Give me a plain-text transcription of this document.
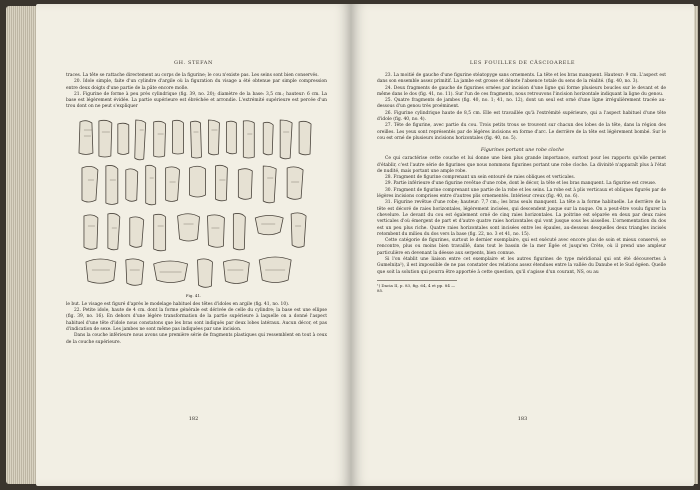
GH. STEFAN

traces. La tête se rattache directement au corps de la figurine; le cou n'existe pas. Les seins sont bien conservés.

20. Idole simple, faite d'un cylindre d'argile où la figuration du visage a été obtenue par simple compression entre deux doigts d'une partie de la pâte encore molle.

21. Figurine de forme à peu près cylindrique (fig. 39, no. 20); diamètre de la base: 3,5 cm.; hauteur: 6 cm. La base est légèrement évidée. La partie supérieure est ébréchée et arrondie. L'extrémité supérieure est percée d'un trou dont on ne peut s'expliquer

Fig. 41.

le but. Le visage est figuré d'après le modelage habituel des têtes d'idoles en argile (fig. 41, no. 10).

22. Petite idole, haute de 4 cm. dont la forme générale est dérivée de celle du cylindre; la base est une ellipse (fig. 39, no. 16). En dehors d'une légère transformation de la partie supérieure à laquelle on a donné l'aspect habituel d'une tête d'idole nous constatons que les bras sont indiqués par deux lobes latéraux. Aucun décor, et pas d'indication de sexe. Les jambes ne sont même pas indiquées par une incision.

Dans la couche inférieure nous avons une première série de fragments plastiques qui ressemblent en tout à ceux de la couche supérieure.

182
LES FOUILLES DE CĂSCIOARELE

23. La moitié de gauche d'une figurine stéatopyge sans ornements. La tête et les bras manquent. Hauteur: 9 cm. L'aspect est dans son ensemble assez primitif. La jambe est grosse et dénote l'absence totale du sens de la réalité. (fig. 40, no. 3).

24. Deux fragments de gauche de figurines ornées par incision d'une ligne qui forme plusieurs boucles sur le devant et de même dans le dos (fig. 41, no. 11). Sur l'un de ces fragments, nous retrouvons l'incision horizontale indiquant la ligne du genou.

25. Quatre fragments de jambes (fig. 40, no. 1; 41, no. 12), dont un seul est orné d'une ligne irrégulièrement tracée au-dessous d'un genou très proéminent.

26. Figurine cylindrique haute de 8,5 cm. Elle est travaillée qu'à l'extrémité supérieure, qui a l'aspect habituel d'une tête d'idole (fig. 40, no. 4).

27. Tête de figurine, avec partie du cou. Trois petits trous se trouvent sur chacun des lobes de la tête, dans la région des oreilles. Les yeux sont représentés par de légères incisions en forme d'arc. Le derrière de la tête est légèrement bombé. Sur le cou est orné de plusieurs incisions horizontales (fig. 40, no. 5).

Figurines portant une robe cloche

Ce qui caractérise cette couche et lui donne une bien plus grande importance, surtout pour les rapports qu'elle permet d'établir, c'est l'autre série de figurines que nous nommons figurines portant une robe cloche. La divinité n'apparaît plus à l'état de nudité, mais portant une ample robe.

28. Fragment de figurine comprenant un sein entouré de raies obliques et verticales.

29. Partie inférieure d'une figurine revêtue d'une robe, dont le décor, la tête et les bras manquent. La figurine est creuse.

30. Fragment de figurine comprenant une partie de la robe et les seins. La robe est à plis verticaux et obliques figurés par de légères incisions comprises entre d'autres plis ornementés. Intérieur creux (fig. 40, no. 6).

31. Figurine revêtue d'une robe; hauteur: 7,7 cm.; les bras seuls manquent. La tête a la forme habituelle. Le derrière de la tête est décoré de raies horizontales, légèrement incisées, qui descendent jusque sur la nuque. On a peut-être voulu figurer la chevelure. Le devant du cou est également orné de cinq raies horizontales. La poitrine est séparée en deux par deux raies verticales d'où émergent de part et d'autre quatre raies horizontales qui vont jusque sous les aisselles. L'ornementation du dos est un peu plus riche. Quatre raies horizontales sont incisées entre les épaules, au-dessous desquelles deux triangles incisés retombent du milieu du dos vers la base (fig. 22, no. 3 et 41, no. 15).

Cette catégorie de figurines, surtout le dernier exemplaire, qui est exécuté avec encore plus de soin et mieux conservé, se rencontre, plus ou moins bien travaillé, dans tout le bassin de la mer Égée et jusqu'en Crète, où il prend une ampleur particulière en devenant la déesse aux serpents, bien connue.

Si l'on établit une liaison entre cet exemplaire et les autres figurines de type méridional qui ont été découvertes à Gumelnița¹), il est impossible de ne pas constater des relations assez étendues entre la vallée du Danube et le Sud égéen. Quelle que soit la solution qui pourra être apportée à cette question, qu'il s'agisse d'un courant, NS, ou au

¹) Dacia II, p. 83, fig. 64, 4 et pp. 84 — 85.
183
